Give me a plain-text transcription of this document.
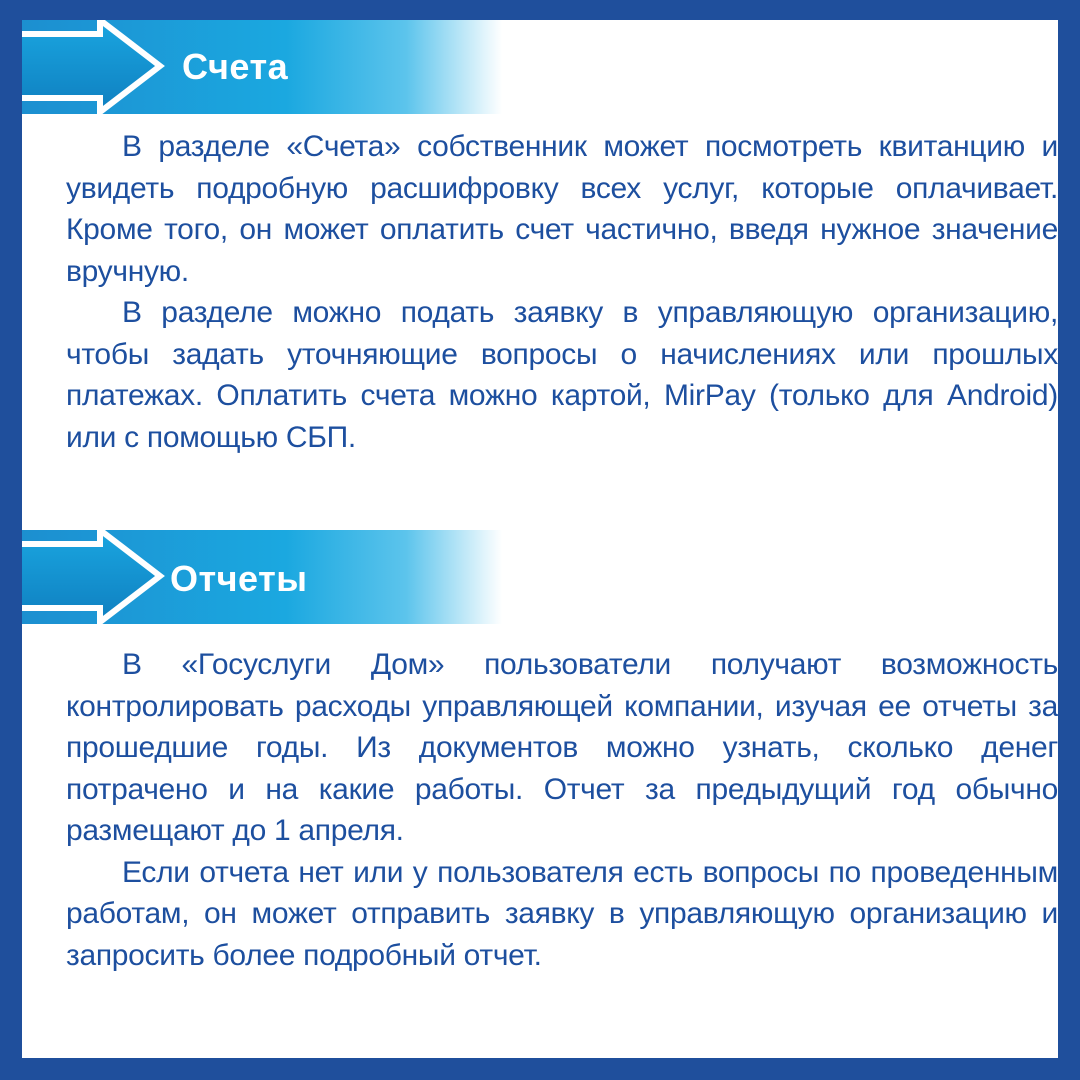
Счета

В разделе «Счета» собственник может посмотреть квитанцию и увидеть подробную расшифровку всех услуг, которые оплачивает. Кроме того, он может оплатить счет частично, введя нужное значение вручную.

В разделе можно подать заявку в управляющую организацию, чтобы задать уточняющие вопросы о начислениях или прошлых платежах. Оплатить счета можно картой, MirPay (только для Android) или с помощью СБП.

Отчеты

В «Госуслуги Дом» пользователи получают возможность контролировать расходы управляющей компании, изучая ее отчеты за прошедшие годы. Из документов можно узнать, сколько денег потрачено и на какие работы. Отчет за предыдущий год обычно размещают до 1 апреля.

Если отчета нет или у пользователя есть вопросы по проведенным работам, он может отправить заявку в управляющую организацию и запросить более подробный отчет.
